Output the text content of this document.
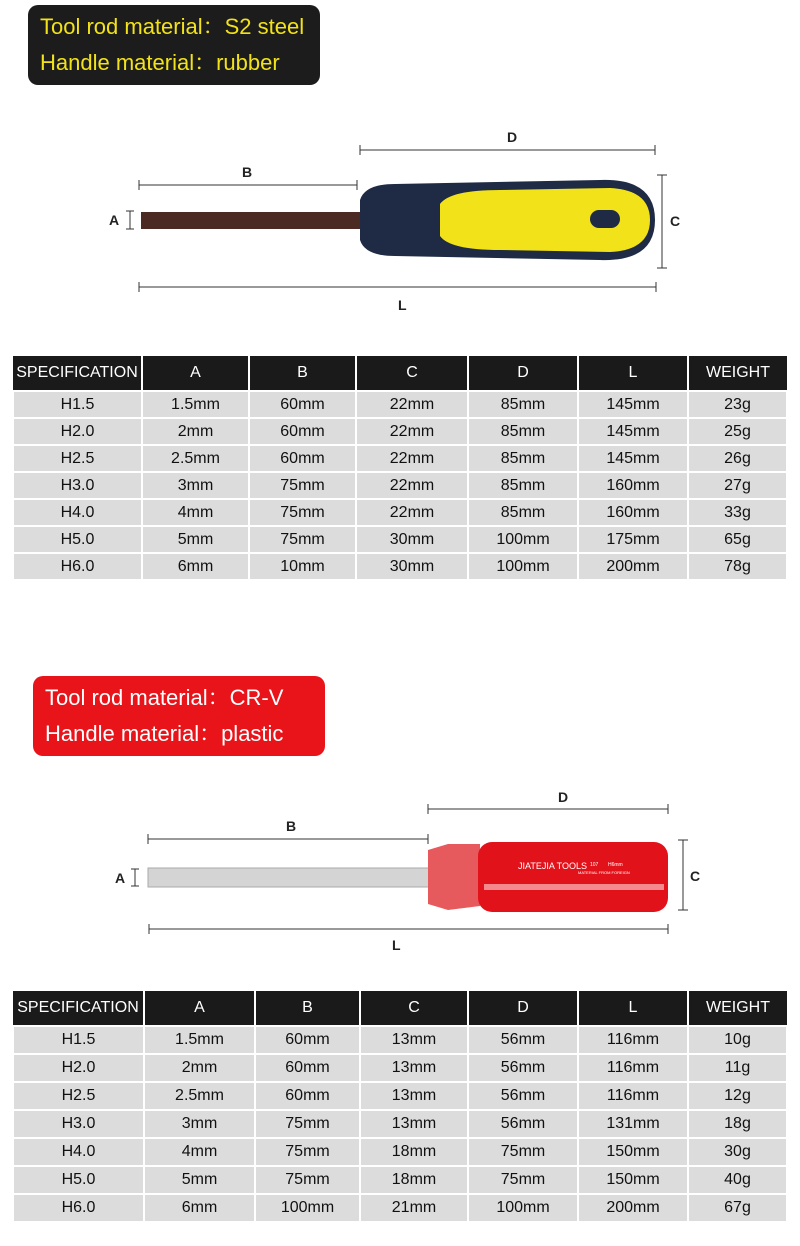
Tool rod material：S2 steel
Handle material：rubber
D
B
A	C
L
SPECIFICATION	A	B	C	D	L	WEIGHT
H1.5	1.5mm	60mm	22mm	85mm	145mm	23g
H2.0	2mm	60mm	22mm	85mm	145mm	25g
H2.5	2.5mm	60mm	22mm	85mm	145mm	26g
H3.0	3mm	75mm	22mm	85mm	160mm	27g
H4.0	4mm	75mm	22mm	85mm	160mm	33g
H5.0	5mm	75mm	30mm	100mm	175mm	65g
H6.0	6mm	10mm	30mm	100mm	200mm	78g
Tool rod material：CR-V
Handle material：plastic
JIATEJIA TOOLS 107 H6mm
MATERIAL FROM FOREIGN
D
B
A	C
L
SPECIFICATION	A	B	C	D	L	WEIGHT
H1.5	1.5mm	60mm	13mm	56mm	116mm	10g
H2.0	2mm	60mm	13mm	56mm	116mm	11g
H2.5	2.5mm	60mm	13mm	56mm	116mm	12g
H3.0	3mm	75mm	13mm	56mm	131mm	18g
H4.0	4mm	75mm	18mm	75mm	150mm	30g
H5.0	5mm	75mm	18mm	75mm	150mm	40g
H6.0	6mm	100mm	21mm	100mm	200mm	67g
